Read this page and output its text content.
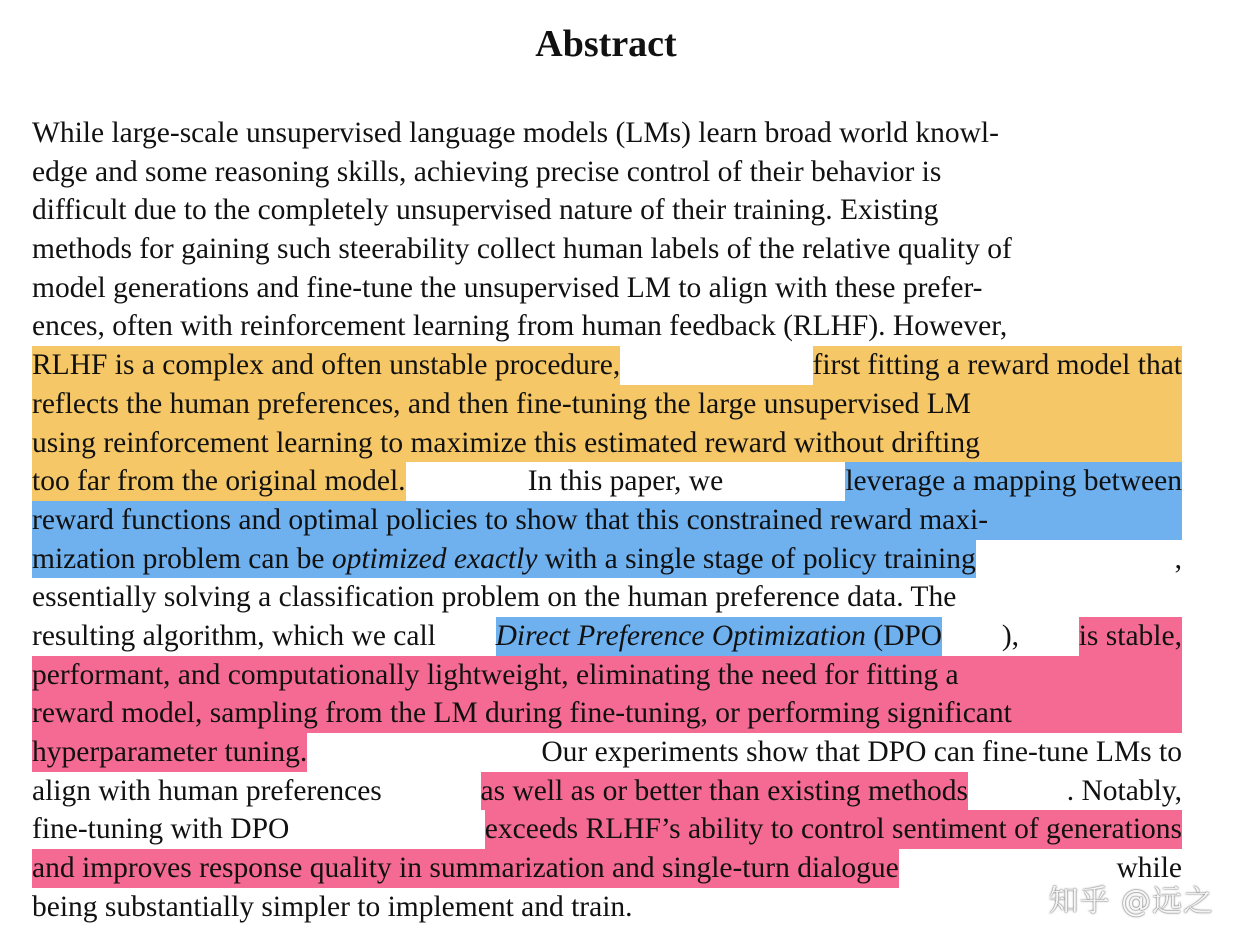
Abstract
While large-scale unsupervised language models (LMs) learn broad world knowl-
edge and some reasoning skills, achieving precise control of their behavior is
difficult due to the completely unsupervised nature of their training. Existing
methods for gaining such steerability collect human labels of the relative quality of
model generations and fine-tune the unsupervised LM to align with these prefer-
ences, often with reinforcement learning from human feedback (RLHF). However,
RLHF is a complex and often unstable procedure,	first fitting a reward model that
reflects the human preferences, and then fine-tuning the large unsupervised LM
using reinforcement learning to maximize this estimated reward without drifting
too far from the original model.	In this paper, we	leverage a mapping between
reward functions and optimal policies to show that this constrained reward maxi-
mization problem can be optimized exactly with a single stage of policy training	,
essentially solving a classification problem on the human preference data. The
resulting algorithm, which we call Direct Preference Optimization (DPO ), is stable,
performant, and computationally lightweight, eliminating the need for fitting a
reward model, sampling from the LM during fine-tuning, or performing significant
hyperparameter tuning.	Our experiments show that DPO can fine-tune LMs to
align with human preferences	as well as or better than existing methods	. Notably,
fine-tuning with DPO	exceeds RLHF’s ability to control sentiment of generations
and improves response quality in summarization and single-turn dialogue	while
being substantially simpler to implement and train.	知乎 @远之
